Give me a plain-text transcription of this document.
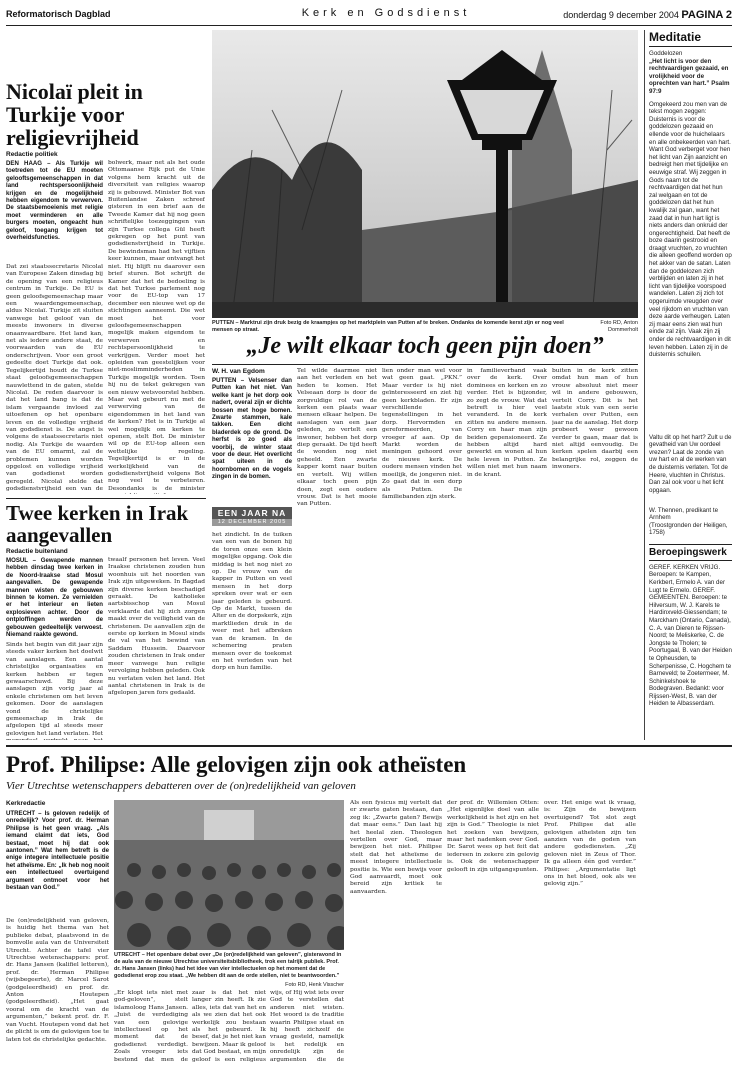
Reformatorisch Dagblad	Kerk en Godsdienst	donderdag 9 december 2004 PAGINA 2
Nicolaï pleit in Turkije voor religievrijheid
Redactie politiek
DEN HAAG – Als Turkije wil toetreden tot de EU moeten gelooftsgemeenschappen in dat land rechtspersoonlijkheid krijgen en de mogelijkheid hebben eigendom te verwerven. De staatsbemoeienis met religie moet verminderen en alle burgers moeten, ongeacht hun geloof, toegang krijgen tot overheidsfuncties.
Dat zei staatssecretaris Nicolaï van Europese Zaken dinsdag bij de opening van een religieus centrum in Turkije. De EU is geen geloofsgemeenschap maar een waardengemeenschap, aldus Nicolaï. Turkije zit sluiten vanwege het geloof van de meeste inwoners in diverse onaanvaardbare. Het land kan, net als iedere andere staat, de voorwaarden van de EU onderschrijven. Voor een groot gedeelte doet Turkije dat ook. Tegelijkertijd houdt de Turkse staat geloofsgemeenschappen nauwlettend in de gaten, stelde Nicolaï. De reden daarvoor is dat het land bang is dat de islam vergaande invloed zal uitoefenen op het openbare leven en de volledige vrijheid van godsdienst is. De angst is volgens de staatssecretaris niet nodig. Als Turkije de waarden van de EU omarmt, zal de problemen kunnen worden opgelost en volledige vrijheid van godsdienst worden geregeld. Nicolaï stelde dat godsdienstvrijheid een van de
bolwerk, maar net als het oude Ottomaanse Rijk put de Unie volgens hem kracht uit de diversiteit van religies waarop zij is gebouwd. Minister Bot van Buitenlandse Zaken schreef gisteren in een brief aan de Tweede Kamer dat hij nog geen schriftelijke toezeggingen van zijn Turkse collega Gül heeft gekregen op het punt van godsdienstvrijheid in Turkije. De bewindsman had het vijftien keer kunnen, maar ontvangt het niet. Hij blijft nu daarover een brief sturen. Bot schrijft de Kamer dat het de bedoeling is dat het Turkse parlement nog voor de EU-top van 17 december een nieuwe wet op de stichtingen aanneemt. Die wet moet het voor geloofsgemeenschappen mogelijk maken eigendom te verwerven en rechtspersoonlijkheid te verkrijgen. Verder moet het opleiden van geestelijken voor niet-moslimminderheden in Turkije mogelijk worden. Toen hij nu de tekst gekregen van een nieuw wetsvoorstel hebben. Maar wat gebeurt nu met de verwerving van de eigendommen in het land van de kerken? Het is in Turkije al wel mogelijk om kerken te openen, stelt Bot. De minister wil op de EU-top alleen een wettelijke regeling. Tegelijkertijd is er in de werkelijkheid van de godsdienstvrijheid volgens Bot nog veel te verbeteren. Desondanks is de minister
Twee kerken in Irak aangevallen
Redactie buitenland
MOSUL – Gewapende mannen hebben dinsdag twee kerken in de Noord-Iraakse stad Mosul aangevallen. De gewapende mannen wisten de gebouwen binnen te komen. Ze vernielden er het interieur en lieten explosieven achter. Door de ontploffingen werden de gebouwen gedeeltelijk verwoest. Niemand raakte gewond.
Sinds het begin van dit jaar zijn steeds vaker kerken het doelwit van aanslagen. Een aantal christelijke organisaties en kerken hebben er tegen gewaarschuwd. Bij deze aanslagen zijn vorig jaar al enkele christenen om het leven gekomen. Door de aanslagen vond de christelijke gemeenschap in Irak de afgelopen tijd al steeds meer gelovigen het land verlaten. Het
twaalf personen het leven. Veel Iraakse christenen zouden hun woonhuis uit het noorden van Irak zijn uitgeweken. In Bagdad zijn diverse kerken beschadigd geraakt. De katholieke aartsbisschop van Mosul verklaarde dat hij zich zorgen maakt over de veiligheid van de christenen. De aanvallen zijn de eerste op kerken in Mosul sinds de val van het bewind van Saddam Hussein. Daarvoor zouden christenen in Irak onder meer vanwege hun religie vervolging hebben geleden. Ook nu verlaten velen het land. Het aantal christenen in Irak is de afgelopen jaren fors gedaald.
PUTTEN – Marktrui zijn druk bezig de kraampjes op het marktplein van Putten af te breken. Ondanks de komende kerst zijn er nog veel mensen op straat.
Foto RD, Anton Dommerholt
„Je wilt elkaar toch geen pijn doen”
W. H. van Egdom
PUTTEN – Velsenser dan Putten kan het niet. Van welke kant je het dorp ook nadert, overal zijn er dichte bossen met hoge bomen. Zwarte stammen, kale takken. Een dicht bladerdek op de grond. De herfst is zo goed als voorbij, de winter staat voor de deur. Het overlicht spat uiteen in de hoornbomen en de vogels zingen in de bomen.
EEN JAAR NA
12 DECEMBER 2005
het zindicht. In de tuiken van een van de bonen hij de toren onze een klein mogelijke opgang. Ook die middag is het nog niet zo op. De vrouw van de kapper in Putten en veel mensen in het dorp spreken over wat er een jaar geleden is gebeurd. Op de Markt, tussen de Alter en de dorpskerk, zijn marktlieden druk in de weer met het afbreken van de kramen. In de schemering praten mensen over de toekomst en het verleden van het dorp en hun familie.
Tel wilde daarmee niet aan het verleden en het heden te komen. Het Velseaan dorp is door de zorgvuldige rol van de kerken een plaats waar mensen elkaar helpen. De aanslagen van een jaar geleden, zo vertelt een inwoner, hebben het dorp diep geraakt. De tijd heeft de wonden nog niet geheeld. Een zwarte kapper komt naar buiten en vertelt. Wij willen elkaar toch geen pijn doen, zegt een oudere vrouw. Dat is het mooie van Putten.
lien onder man wel voor wat geen gaat. „PKN.” Maar verder is hij niet geïnteresseerd en ziet hij geen kerkbladen. Er zijn verschillende tegenstellingen in het dorp. Hervormden en gereformeerden, van vroeger af aan. Op de Markt worden de meningen gehoord over de nieuwe kerk. De oudere mensen vinden het moeilijk, de jongeren niet. Zo gaat dat in een dorp als Putten. De familiebanden zijn sterk.
in familieverband vaak over de kerk. Over dominees en kerken en zo verder. Het is bijzonder, zo zegt de vrouw. Wat dat betreft is hier veel veranderd. In de kerk zitten nu andere mensen. Corry en haar man zijn beiden gepensioneerd. Ze hebben altijd hard gewerkt en wonen al hun hele leven in Putten. Ze willen niet met hun naam in de krant.
buiten in de kerk zitten omdat hun man of hun vrouw absoluut niet meer wil in andere gebouwen, vertelt Corry. Dit is het laatste stuk van een serie verhalen over Putten, een jaar na de aanslag. Het dorp probeert weer gewoon verder te gaan, maar dat is niet altijd eenvoudig. De kerken spelen daarbij een belangrijke rol, zeggen de inwoners.
Meditatie
Goddelozen
„Het licht is voor den rechtvaardigen gezaaid, en vrolijkheid voor de oprechten van hart.” Psalm 97:9
Omgekeerd zou men van de tekst mogen zeggen: Duisternis is voor de goddelozen gezaaid en ellende voor de huichelaars en alle onbekeerden van hart. Want God verberget voor hen het licht van Zijn aanzicht en bedreigt hen met tijdelijke en eeuwige straf. Wij zeggen in Gods naam tot de rechtvaardigen dat het hun zal welgaan en tot de goddelozen dat het hun kwalijk zal gaan, want het zaad dat in hun hart ligt is niets anders dan onkruid der ongerechtigheid. Dat heeft de boze daarin gestrooid en draagt vruchten, zo vruchten die alleen geoffend worden op het akker van de satan. Laten dan de goddelozen zich verblijden en laten zij in het licht van tijdelijke voorspoed wandelen. Laten zij zich tot opgeruimde vreugden over veel rijkdom en vruchten van deze aarde verheugen. Laten zij maar eens zien wat hun einde zal zijn. Vaak zijn zij onder de rechtvaardigen in dit leven hebben. Laten zij in de duisternis schuilen.
Valtu dit op het hart? Zult u de gevatheid van Uw oordeel vrezen? Laat de zonde van uw hart en al de werken van de duisternis verlaten. Tot de Heere, vluchten in Christus. Dan zal ook voor u het licht opgaan.
W. Thennen, predikant te Arnhem
(Troostgronden der Heiligen, 1758)
Beroepingswerk
GEREF. KERKEN VRIJG. Beroepen: te Kampen, Kerkbert, Ermelo A. van der Lugt te Ermelo. GEREF. GEMEENTEN. Beroepen: te Hilversum, W. J. Karels te Hardinxveld-Giessendam; te Marckham (Ontario, Canada), C. A. van Dieren te Rijssen-Noord; te Meliskerke, C. de Jongste te Tholen; te Poortugaal, B. van der Heiden te Opheusden, te Scherpenisse, C. Hogchem te Barneveld; te Zoetermeer, M. Schinkelshoek te Bodegraven. Bedankt: voor Rijssen-West, B. van der Heiden te Albasserdam.
Prof. Philipse: Alle gelovigen zijn ook atheïsten
Vier Utrechtse wetenschappers debatteren over de (on)redelijkheid van geloven
Kerkredactie
UTRECHT – Is geloven redelijk of onredelijk? Voor prof. dr. Herman Philipse is het geen vraag. „Als iemand claimt dat iets, God bestaat, moet hij dat ook aantonen.” Wat hem betreft is de enige integere intellectuele positie het atheïsme. En: „Ik heb nog nooit een intellectueel overtuigend argument ontmoet voor het bestaan van God.”
De (on)redelijkheid van geloven, is huidig het thema van het publieke debat, plaatsvond in de bomvolle aula van de Universiteit Utrecht. Achter de tafel vier Utrechtse wetenschappers: prof. dr. Hans Jansen (kalifiel letteren), prof. dr. Herman Philipse (wijsbegeerte), dr. Marcel Sarot (godgeleerdheid) en prof. dr. Anton Houtepen (godgeleerdheid). „Het gaat vooral om de kracht van de argumenten,” bekent prof. dr. F. van Vucht. Houtepen vond dat het de plicht is om de gelovigen toe te laten tot de christelijke gedachte.
UTRECHT – Het openbare debat over „De (on)redelijkheid van geloven”, gisteravond in de aula van de nieuwe Utrechtse universiteitsbibliotheek, trok een talrijk publiek. Prof. dr. Hans Jansen (links) had het idee van vier intellectuelen op het moment dat de godsdienst erop zou staat. „We hebben dit aan de orde stellen, niet te beantwoorden.”
Foto RD, Henk Visscher
„Er klopt iets niet met god-geloven”, stelt islamoloog Hans Jansen. „Juist de verdediging van een gelovige intellectueel op het moment dat de godsdienst verdedigt. Zoals vroeger iets bestond dat men de
zaar is dat het niet langer zin heeft. Ik zie alles, iets dat van het en als we zien dat het ook werkelijk zou bestaan als het gebeurd. Ik besef, dat je het niet kan bewijzen. Maar ik geloof dat God bestaat, en mijn geloof is een religieus
wijs, of Hij wist iets over God te verstellen dat anderen niet wisten. Het woord is de traditie waarin Philipse staat en hij heeft zichzelf de vraag gesteld, namelijk is het redelijk en onredelijk zijn de argumenten die de
Als een fysicus mij vertelt dat er zwarte gaten bestaan, dan zeg ik: „Zwarte gaten? Bewijs dat maar eens.” Dan laat hij het heelal zien. Theologen vertellen over God, maar bewijzen het niet. Philipse stelt dat het atheïsme de meest integere intellectuele positie is. Wie een bewijs voor God aanvaardt, moet ook bereid zijn kritiek te aanvaarden.
der prof. dr. Willemien Otten: „Het eigenlijke doel van alle werkelijkheid is het zijn en het zijn is God.” Theologie is niet het zoeken van bewijzen, maar het nadenken over God. Dr. Sarot wees op het feit dat iedereen in zekere zin gelovig is. Ook de wetenschapper gelooft in zijn uitgangspunten.
over. Het enige wat ik vraag, is: Zijn de bewijzen overtuigend? Tot slot zegt Prof. Philipse dat alle gelovigen atheïsten zijn ten aanzien van de goden van andere godsdiensten. „Zij geloven niet in Zeus of Thor. Ik ga alleen één god verder.” Philipse: „Argumentatie ligt ons in het bloed, ook als we gelovig zijn.”
